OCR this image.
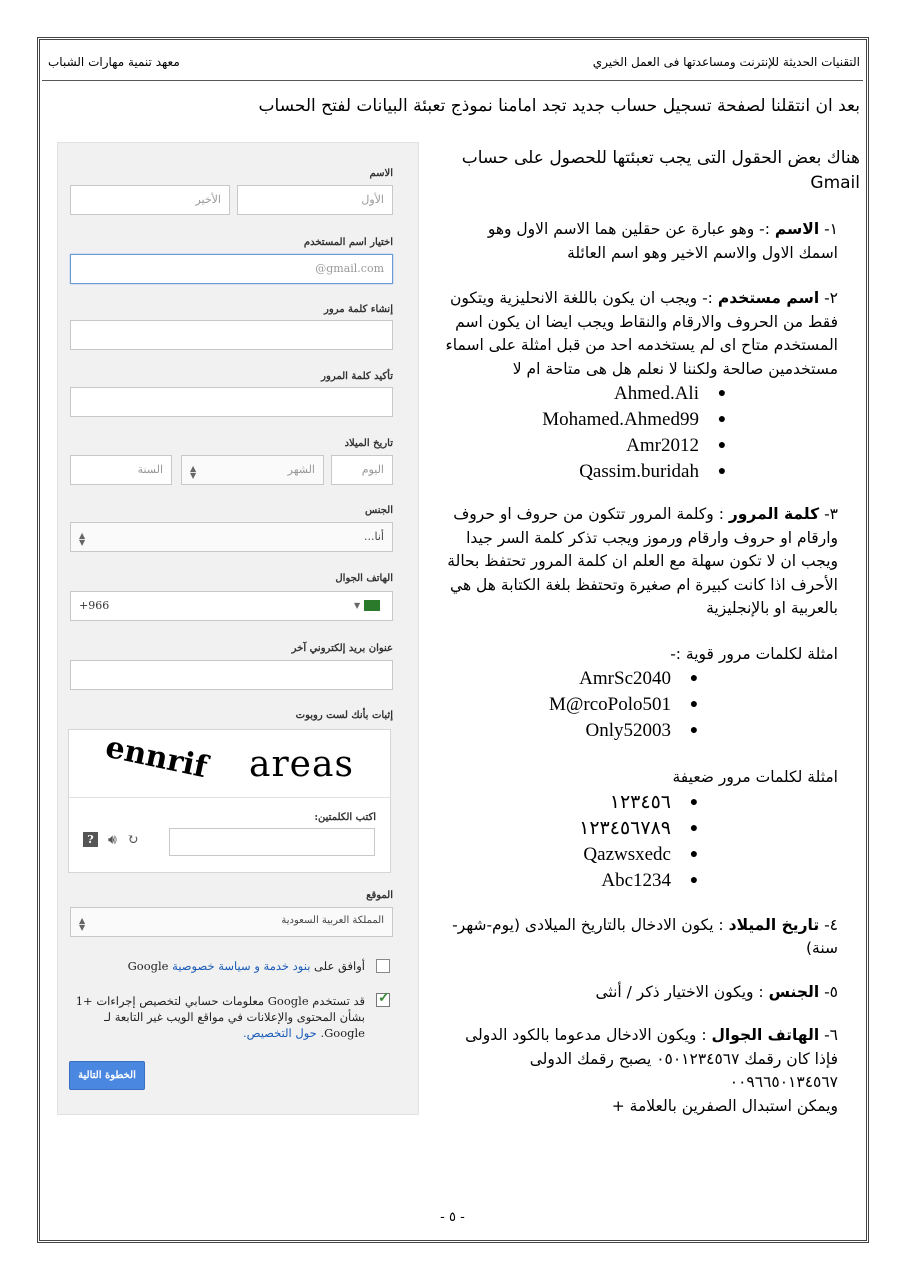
التقنيات الحديثة للإنترنت ومساعدتها فى العمل الخيري
معهد تنمية مهارات الشباب
بعد ان انتقلنا لصفحة تسجيل حساب جديد تجد امامنا نموذج تعبئة البيانات لفتح الحساب

هناك بعض الحقول التى يجب تعبئتها للحصول على حساب Gmail

١- الاسم :- وهو عبارة عن حقلين هما الاسم الاول وهو اسمك الاول والاسم الاخير وهو اسم العائلة

٢- اسم مستخدم :- ويجب ان يكون باللغة الانحليزية ويتكون فقط من الحروف والارقام والنقاط ويجب ايضا ان يكون اسم المستخدم متاح اى لم يستخدمه احد من قبل امثلة على اسماء مستخدمين صالحة ولكننا لا نعلم هل هى متاحة ام لا

●
Ahmed.Ali
●
Mohamed.Ahmed99
●
Amr2012
●
Qassim.buridah

٣- كلمة المرور : وكلمة المرور تتكون من حروف او حروف وارقام او حروف وارقام ورموز ويجب تذكر كلمة السر جيدا ويجب ان لا تكون سهلة مع العلم ان كلمة المرور تحتفظ بحالة الأحرف اذا كانت كبيرة ام صغيرة وتحتفظ بلغة الكتابة هل هي بالعربية او بالإنجليزية

امثلة لكلمات مرور قوية :-

●
AmrSc2040
●
M@rcoPolo501
●
Only52003

امثلة لكلمات مرور ضعيفة

●
١٢٣٤٥٦
●
١٢٣٤٥٦٧٨٩
●
Qazwsxedc
●
Abc1234

٤- تاريخ الميلاد : يكون الادخال بالتاريخ الميلادى (يوم-شهر-سنة)

٥- الجنس : ويكون الاختيار ذكر / أنثى

٦- الهاتف الجوال : ويكون الادخال مدعوما بالكود الدولى

فإذا كان رقمك ٠٥٠١٢٣٤٥٦٧ يصبح رقمك الدولى

٠٠٩٦٦٥٠١٣٤٥٦٧

ويمكن استبدال الصفرين بالعلامة +

الاسم
الأول
الأخير
اختيار اسم المستخدم
@gmail.com
إنشاء كلمة مرور
تأكيد كلمة المرور
تاريخ الميلاد
اليوم
الشهر
▲
▼
السنة
الجنس
أنا...
▲
▼
الهاتف الجوال
+966	▼
عنوان بريد إلكتروني آخر
إثبات بأنك لست روبوت
ennrif areas
اكتب الكلمتين:
?	🔊︎ ↻
الموقع
المملكة العربية السعودية
▲
▼
أوافق على بنود خدمة و سياسة خصوصية Google
✓
قد تستخدم Google معلومات حسابي لتخصيص إجراءات +1 بشأن المحتوى والإعلانات في مواقع الويب غير التابعة لـ Google. حول التخصيص.
الخطوة التالية
- ٥ -
